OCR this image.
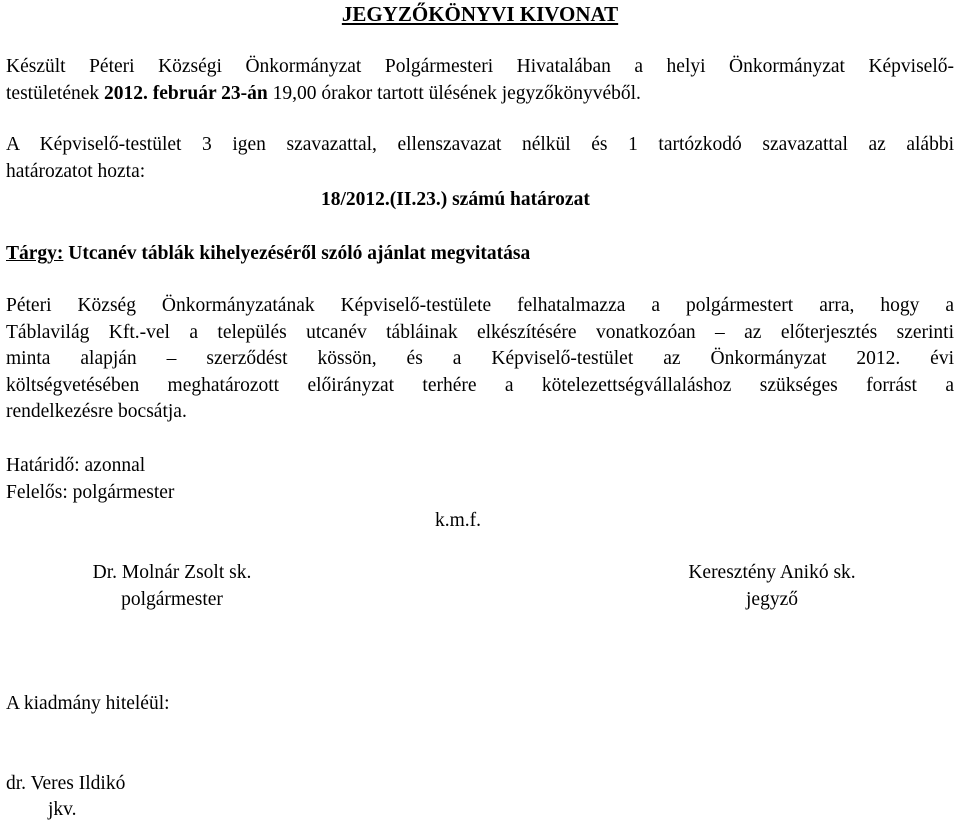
JEGYZŐKÖNYVI KIVONAT
Készült Péteri Községi Önkormányzat Polgármesteri Hivatalában a helyi Önkormányzat Képviselő-
testületének 2012. február 23-án 19,00 órakor tartott ülésének jegyzőkönyvéből.
A Képviselő-testület 3 igen szavazattal, ellenszavazat nélkül és 1 tartózkodó szavazattal az alábbi
határozatot hozta:
18/2012.(II.23.) számú határozat
Tárgy: Utcanév táblák kihelyezéséről szóló ajánlat megvitatása
Péteri Község Önkormányzatának Képviselő-testülete felhatalmazza a polgármestert arra, hogy a
Táblavilág Kft.-vel a település utcanév tábláinak elkészítésére vonatkozóan – az előterjesztés szerinti
minta alapján – szerződést kössön, és a Képviselő-testület az Önkormányzat 2012. évi
költségvetésében meghatározott előirányzat terhére a kötelezettségvállaláshoz szükséges forrást a
rendelkezésre bocsátja.
Határidő: azonnal
Felelős: polgármester
k.m.f.
Dr. Molnár Zsolt sk.
polgármester
Keresztény Anikó sk.
jegyző
A kiadmány hiteléül:
dr. Veres Ildikó
jkv.
